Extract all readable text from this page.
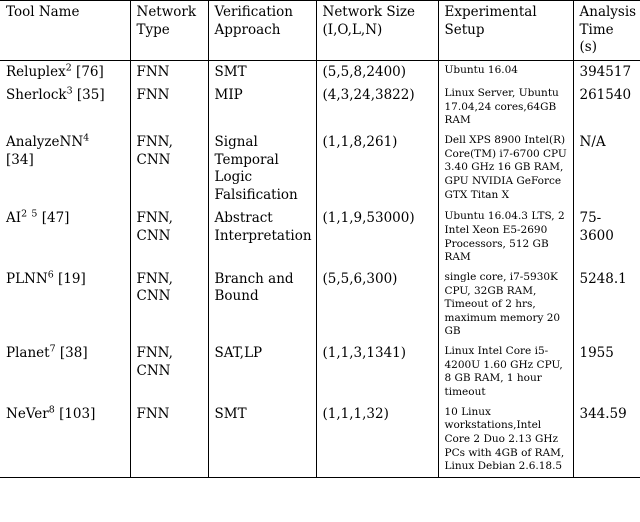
Tool Name	Network Type	Verification Approach	Network Size (I,O,L,N)	Experimental Setup	Analysis Time (s)
Reluplex$^2$ [76]	FNN	SMT	(5,5,8,2400)	Ubuntu 16.04	394517
Sherlock$^3$ [35]	FNN	MIP	(4,3,24,3822)	Linux Server, Ubuntu 17.04,24 cores,64GB RAM	261540
AnalyzeNN$^4$
[34]	FNN, CNN	Signal Temporal Logic Falsification	(1,1,8,261)	Dell XPS 8900 Intel(R) Core(TM) i7-6700 CPU 3.40 GHz 16 GB RAM, GPU NVIDIA GeForce GTX Titan X	N/A
$AI^2$ $^5$ [47]	FNN, CNN	Abstract Interpretation	(1,1,9,53000)	Ubuntu 16.04.3 LTS, 2 Intel Xeon E5-2690 Processors, 512 GB RAM	75-3600
PLNN$^6$ [19]	FNN, CNN	Branch and Bound	(5,5,6,300)	single core, i7-5930K CPU, 32GB RAM, Timeout of 2 hrs, maximum memory 20 GB	5248.1
Planet$^7$ [38]	FNN, CNN	SAT,LP	(1,1,3,1341)	Linux Intel Core i5-4200U 1.60 GHz CPU, 8 GB RAM, 1 hour timeout	1955
NeVer$^8$ [103]	FNN	SMT	(1,1,1,32)	10 Linux workstations,Intel Core 2 Duo 2.13 GHz PCs with 4GB of RAM, Linux Debian 2.6.18.5	344.59
